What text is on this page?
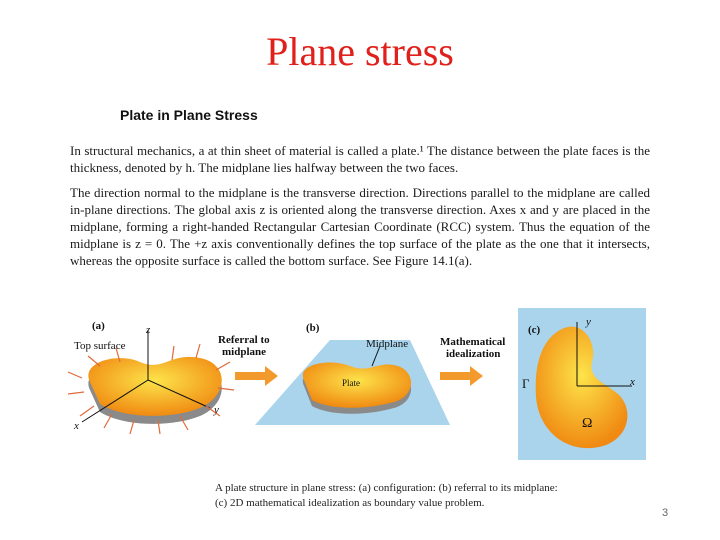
Plane stress
Plate in Plane Stress
In structural mechanics, a at thin sheet of material is called a plate.¹ The distance between the plate faces is the thickness, denoted by h. The midplane lies halfway between the two faces.
The direction normal to the midplane is the transverse direction. Directions parallel to the midplane are called in-plane directions. The global axis z is oriented along the transverse direction. Axes x and y are placed in the midplane, forming a right-handed Rectangular Cartesian Coordinate (RCC) system. Thus the equation of the midplane is z = 0. The +z axis conventionally defines the top surface of the plate as the one that it intersects, whereas the opposite surface is called the bottom surface. See Figure 14.1(a).
(a)
Top surface
z
y
x
Referral to
midplane
(b)
Midplane
Plate
Mathematical
idealization
(c)
y
x
Γ
Ω
A plate structure in plane stress: (a) configuration: (b) referral to its midplane:
(c) 2D mathematical idealization as boundary value problem.
3
